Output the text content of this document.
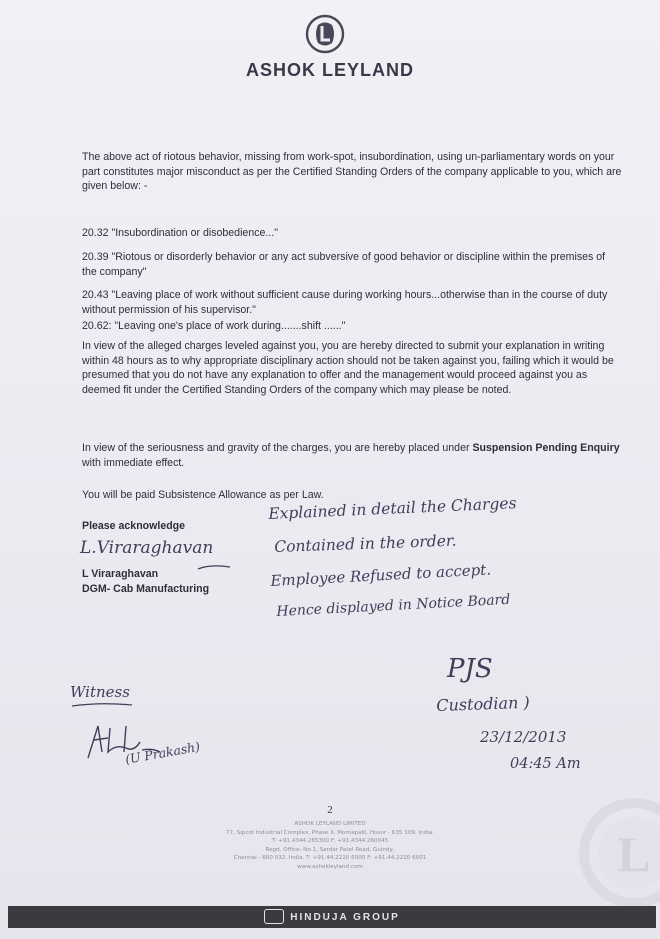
ASHOK LEYLAND

The above act of riotous behavior, missing from work-spot, insubordination, using un-parliamentary words on your part constitutes major misconduct as per the Certified Standing Orders of the company applicable to you, which are given below: -

20.32 "Insubordination or disobedience..."

20.39 "Riotous or disorderly behavior or any act subversive of good behavior or discipline within the premises of the company"

20.43 "Leaving place of work without sufficient cause during working hours...otherwise than in the course of duty without permission of his supervisor."

20.62: "Leaving one's place of work during.......shift ......"

In view of the alleged charges leveled against you, you are hereby directed to submit your explanation in writing within 48 hours as to why appropriate disciplinary action should not be taken against you, failing which it would be presumed that you do not have any explanation to offer and the management would proceed against you as deemed fit under the Certified Standing Orders of the company which may please be noted.

In view of the seriousness and gravity of the charges, you are hereby placed under Suspension Pending Enquiry with immediate effect.

You will be paid Subsistence Allowance as per Law.

Please acknowledge

L.Viraraghavan

L Viraraghavan

DGM- Cab Manufacturing

Explained in detail the Charges
Contained in the order.
Employee Refused to accept.
Hence displayed in Notice Board
PJS
Custodian )
23/12/2013
04:45 Am
Witness
(U Prakash)
2
ASHOK LEYLAND LIMITED
77, Sipcot Industrial Complex, Phase II, Mornapalli, Hosur - 635 109, India.
T: +91.4344.265300 F: +91.4344.260045
Regd. Office: No.1, Sardar Patel Road, Guindy,
Chennai - 600 032, India. T: +91.44.2220 6000 F: +91.44.2220 6001
www.ashokleyland.com	L
HINDUJA GROUP
